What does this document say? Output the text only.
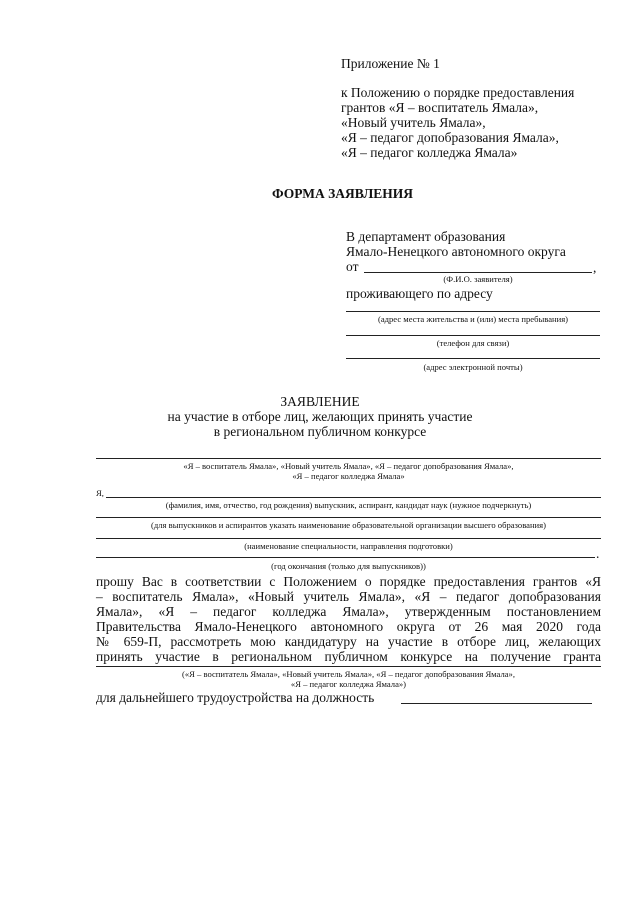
Приложение № 1
к Положению о порядке предоставления
грантов «Я – воспитатель Ямала»,
«Новый учитель Ямала»,
«Я – педагог допобразования Ямала»,
«Я – педагог колледжа Ямала»
ФОРМА ЗАЯВЛЕНИЯ
В департамент образования
Ямало-Ненецкого автономного округа
от	,
(Ф.И.О. заявителя)
проживающего по адресу
(адрес места жительства и (или) места пребывания)
(телефон для связи)
(адрес электронной почты)
ЗАЯВЛЕНИЕ
на участие в отборе лиц, желающих принять участие
в региональном публичном конкурсе
«Я – воспитатель Ямала», «Новый учитель Ямала», «Я – педагог допобразования Ямала»,
«Я – педагог колледжа Ямала»
Я,
(фамилия, имя, отчество, год рождения) выпускник, аспирант, кандидат наук (нужное подчеркнуть)
(для выпускников и аспирантов указать наименование образовательной организации высшего образования)
(наименование специальности, направления подготовки)	.
(год окончания (только для выпускников))
прошу Вас в соответствии с Положением о порядке предоставления грантов «Я
– воспитатель Ямала», «Новый учитель Ямала», «Я – педагог допобразования
Ямала», «Я – педагог колледжа Ямала», утвержденным постановлением
Правительства Ямало-Ненецкого автономного округа от 26 мая 2020 года
№ 659-П, рассмотреть мою кандидатуру на участие в отборе лиц, желающих
принять участие в региональном публичном конкурсе на получение гранта
(«Я – воспитатель Ямала», «Новый учитель Ямала», «Я – педагог допобразования Ямала»,
«Я – педагог колледжа Ямала»)
для дальнейшего трудоустройства на должность
